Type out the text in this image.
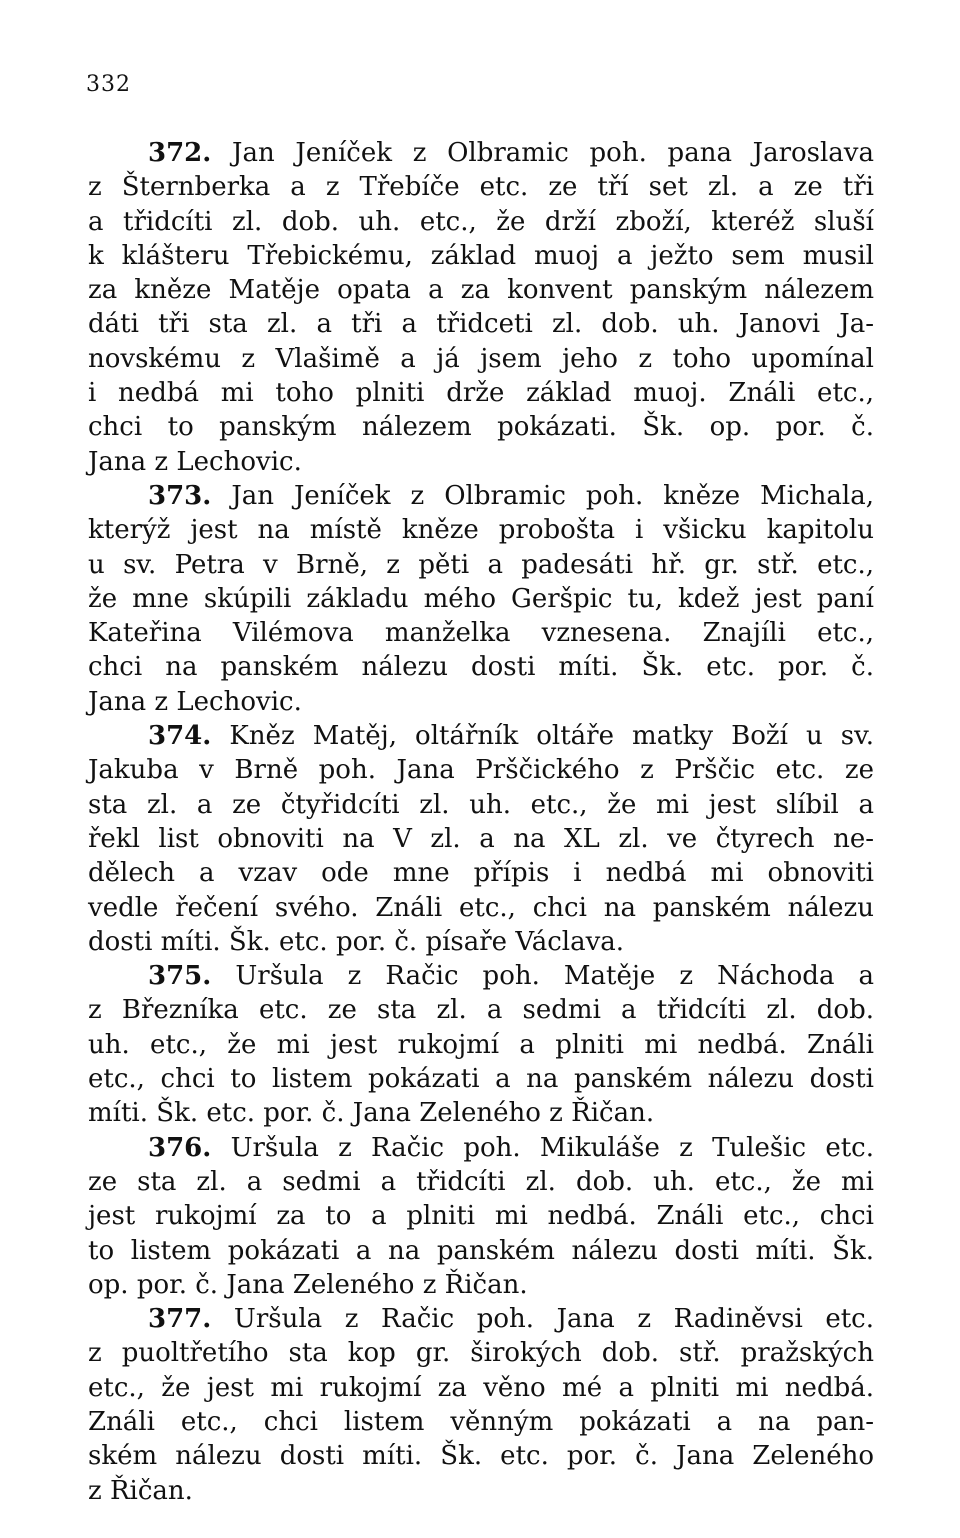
332
372. Jan Jeníček z Olbramic poh. pana Jaroslava
z Šternberka a z Třebíče etc. ze tří set zl. a ze tři
a třidcíti zl. dob. uh. etc., že drží zboží, kteréž sluší
k klášteru Třebickému, základ muoj a ježto sem musil
za kněze Matěje opata a za konvent panským nálezem
dáti tři sta zl. a tři a třidceti zl. dob. uh. Janovi Ja-
novskému z Vlašimě a já jsem jeho z toho upomínal
i nedbá mi toho plniti drže základ muoj. Ználi etc.,
chci to panským nálezem pokázati. Šk. op. por. č.
Jana z Lechovic.
373. Jan Jeníček z Olbramic poh. kněze Michala,
kterýž jest na místě kněze probošta i všicku kapitolu
u sv. Petra v Brně, z pěti a padesáti hř. gr. stř. etc.,
že mne skúpili základu mého Geršpic tu, kdež jest paní
Kateřina Vilémova manželka vznesena. Znajíli etc.,
chci na panském nálezu dosti míti. Šk. etc. por. č.
Jana z Lechovic.
374. Kněz Matěj, oltářník oltáře matky Boží u sv.
Jakuba v Brně poh. Jana Prščického z Prščic etc. ze
sta zl. a ze čtyřidcíti zl. uh. etc., že mi jest slíbil a
řekl list obnoviti na V zl. a na XL zl. ve čtyrech ne-
dělech a vzav ode mne přípis i nedbá mi obnoviti
vedle řečení svého. Ználi etc., chci na panském nálezu
dosti míti. Šk. etc. por. č. písaře Václava.
375. Uršula z Račic poh. Matěje z Náchoda a
z Březníka etc. ze sta zl. a sedmi a třidcíti zl. dob.
uh. etc., že mi jest rukojmí a plniti mi nedbá. Ználi
etc., chci to listem pokázati a na panském nálezu dosti
míti. Šk. etc. por. č. Jana Zeleného z Řičan.
376. Uršula z Račic poh. Mikuláše z Tulešic etc.
ze sta zl. a sedmi a třidcíti zl. dob. uh. etc., že mi
jest rukojmí za to a plniti mi nedbá. Ználi etc., chci
to listem pokázati a na panském nálezu dosti míti. Šk.
op. por. č. Jana Zeleného z Řičan.
377. Uršula z Račic poh. Jana z Radiněvsi etc.
z puoltřetího sta kop gr. širokých dob. stř. pražských
etc., že jest mi rukojmí za věno mé a plniti mi nedbá.
Ználi etc., chci listem věnným pokázati a na pan-
ském nálezu dosti míti. Šk. etc. por. č. Jana Zeleného
z Řičan.
